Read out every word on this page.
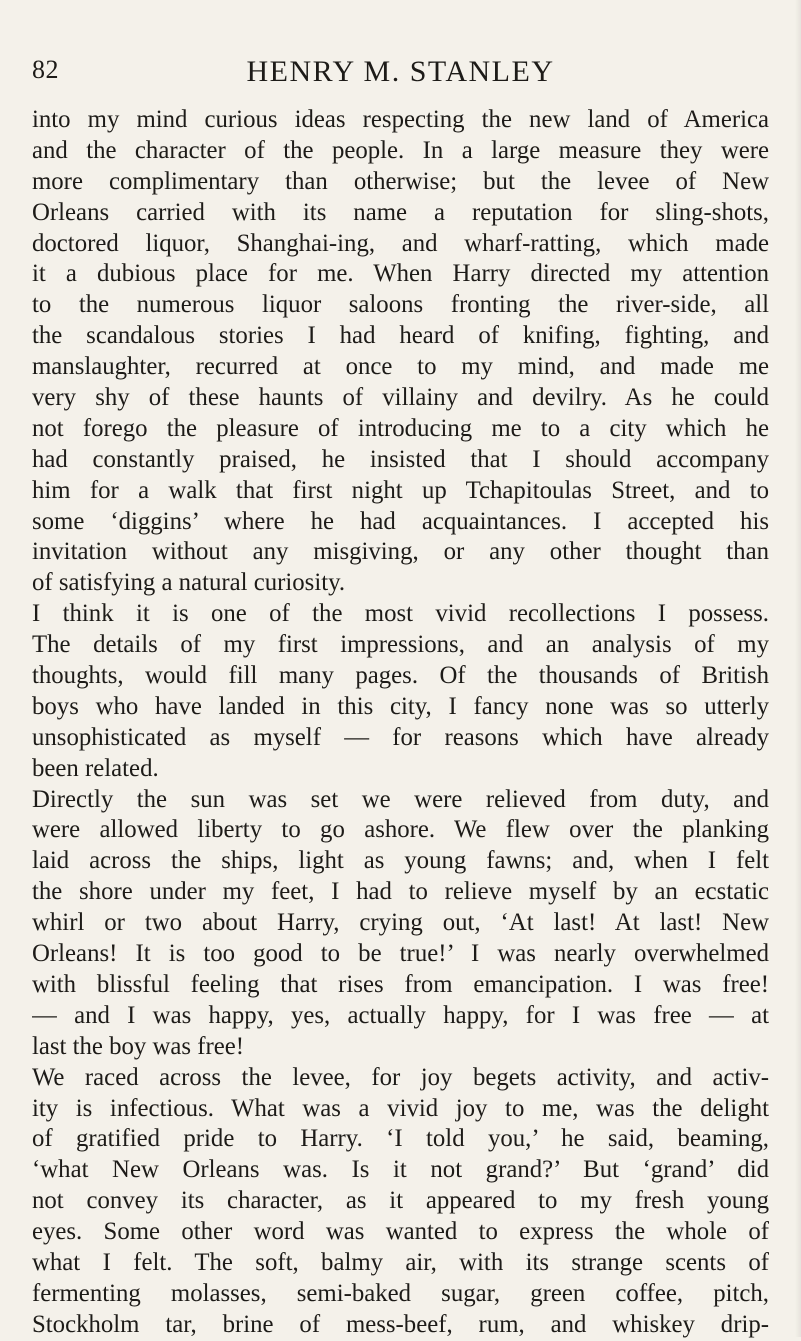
82	HENRY M. STANLEY
into my mind curious ideas respecting the new land of America
and the character of the people. In a large measure they were
more complimentary than otherwise; but the levee of New
Orleans carried with its name a reputation for sling-shots,
doctored liquor, Shanghai-ing, and wharf-ratting, which made
it a dubious place for me. When Harry directed my attention
to the numerous liquor saloons fronting the river-side, all
the scandalous stories I had heard of knifing, fighting, and
manslaughter, recurred at once to my mind, and made me
very shy of these haunts of villainy and devilry. As he could
not forego the pleasure of introducing me to a city which he
had constantly praised, he insisted that I should accompany
him for a walk that first night up Tchapitoulas Street, and to
some ‘diggins’ where he had acquaintances. I accepted his
invitation without any misgiving, or any other thought than
of satisfying a natural curiosity.
I think it is one of the most vivid recollections I possess.
The details of my first impressions, and an analysis of my
thoughts, would fill many pages. Of the thousands of British
boys who have landed in this city, I fancy none was so utterly
unsophisticated as myself — for reasons which have already
been related.
Directly the sun was set we were relieved from duty, and
were allowed liberty to go ashore. We flew over the planking
laid across the ships, light as young fawns; and, when I felt
the shore under my feet, I had to relieve myself by an ecstatic
whirl or two about Harry, crying out, ‘At last! At last! New
Orleans! It is too good to be true!’ I was nearly overwhelmed
with blissful feeling that rises from emancipation. I was free!
— and I was happy, yes, actually happy, for I was free — at
last the boy was free!
We raced across the levee, for joy begets activity, and activ-
ity is infectious. What was a vivid joy to me, was the delight
of gratified pride to Harry. ‘I told you,’ he said, beaming,
‘what New Orleans was. Is it not grand?’ But ‘grand’ did
not convey its character, as it appeared to my fresh young
eyes. Some other word was wanted to express the whole of
what I felt. The soft, balmy air, with its strange scents of
fermenting molasses, semi-baked sugar, green coffee, pitch,
Stockholm tar, brine of mess-beef, rum, and whiskey drip-
